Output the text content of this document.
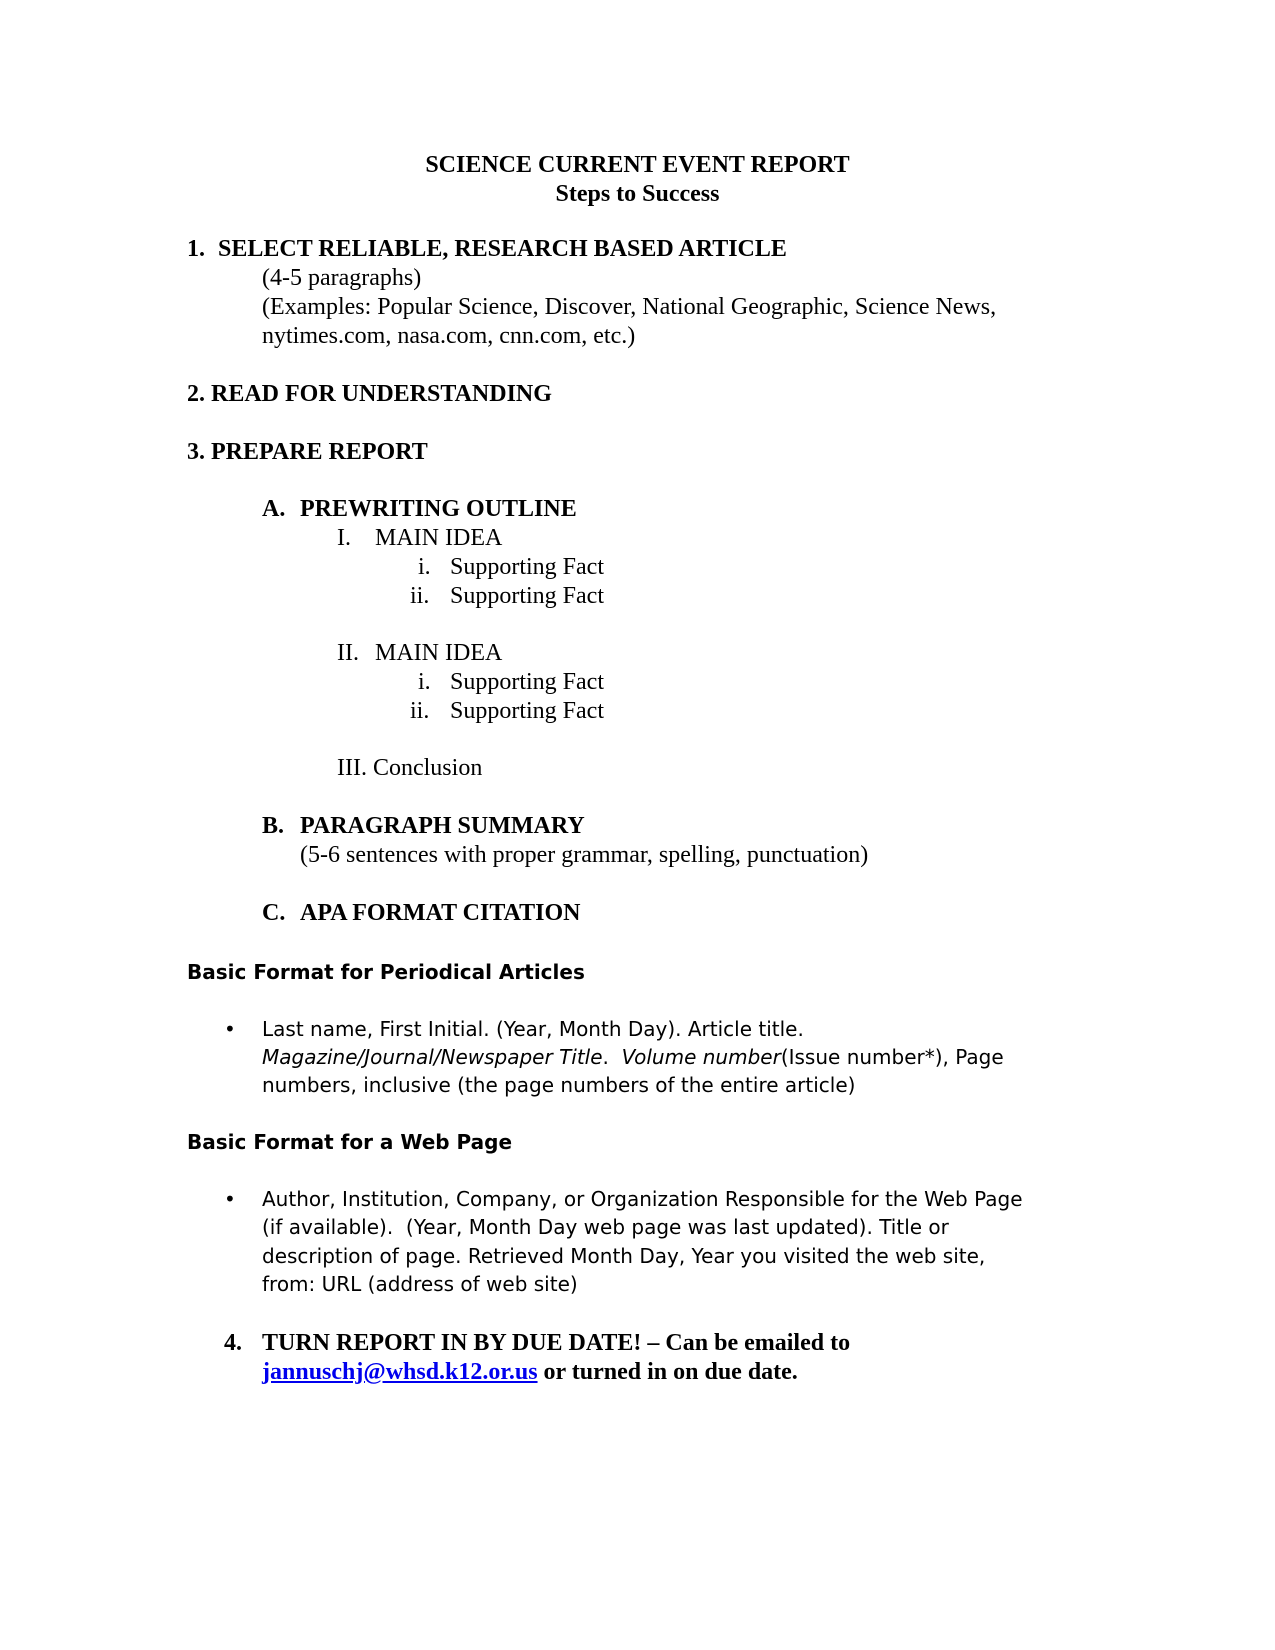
SCIENCE CURRENT EVENT REPORT
Steps to Success
1. SELECT RELIABLE, RESEARCH BASED ARTICLE
(4-5 paragraphs)
(Examples: Popular Science, Discover, National Geographic, Science News,
nytimes.com, nasa.com, cnn.com, etc.)
2. READ FOR UNDERSTANDING
3. PREPARE REPORT
A. PREWRITING OUTLINE
I. MAIN IDEA
i. Supporting Fact
ii. Supporting Fact
II. MAIN IDEA
i. Supporting Fact
ii. Supporting Fact
III. Conclusion
B. PARAGRAPH SUMMARY
(5-6 sentences with proper grammar, spelling, punctuation)
C. APA FORMAT CITATION
Basic Format for Periodical Articles
• Last name, First Initial. (Year, Month Day). Article title.
Magazine/Journal/Newspaper Title.  Volume number(Issue number*), Page
numbers, inclusive (the page numbers of the entire article)
Basic Format for a Web Page
• Author, Institution, Company, or Organization Responsible for the Web Page
(if available).  (Year, Month Day web page was last updated). Title or
description of page. Retrieved Month Day, Year you visited the web site,
from: URL (address of web site)
4. TURN REPORT IN BY DUE DATE! – Can be emailed to
jannuschj@whsd.k12.or.us or turned in on due date.
